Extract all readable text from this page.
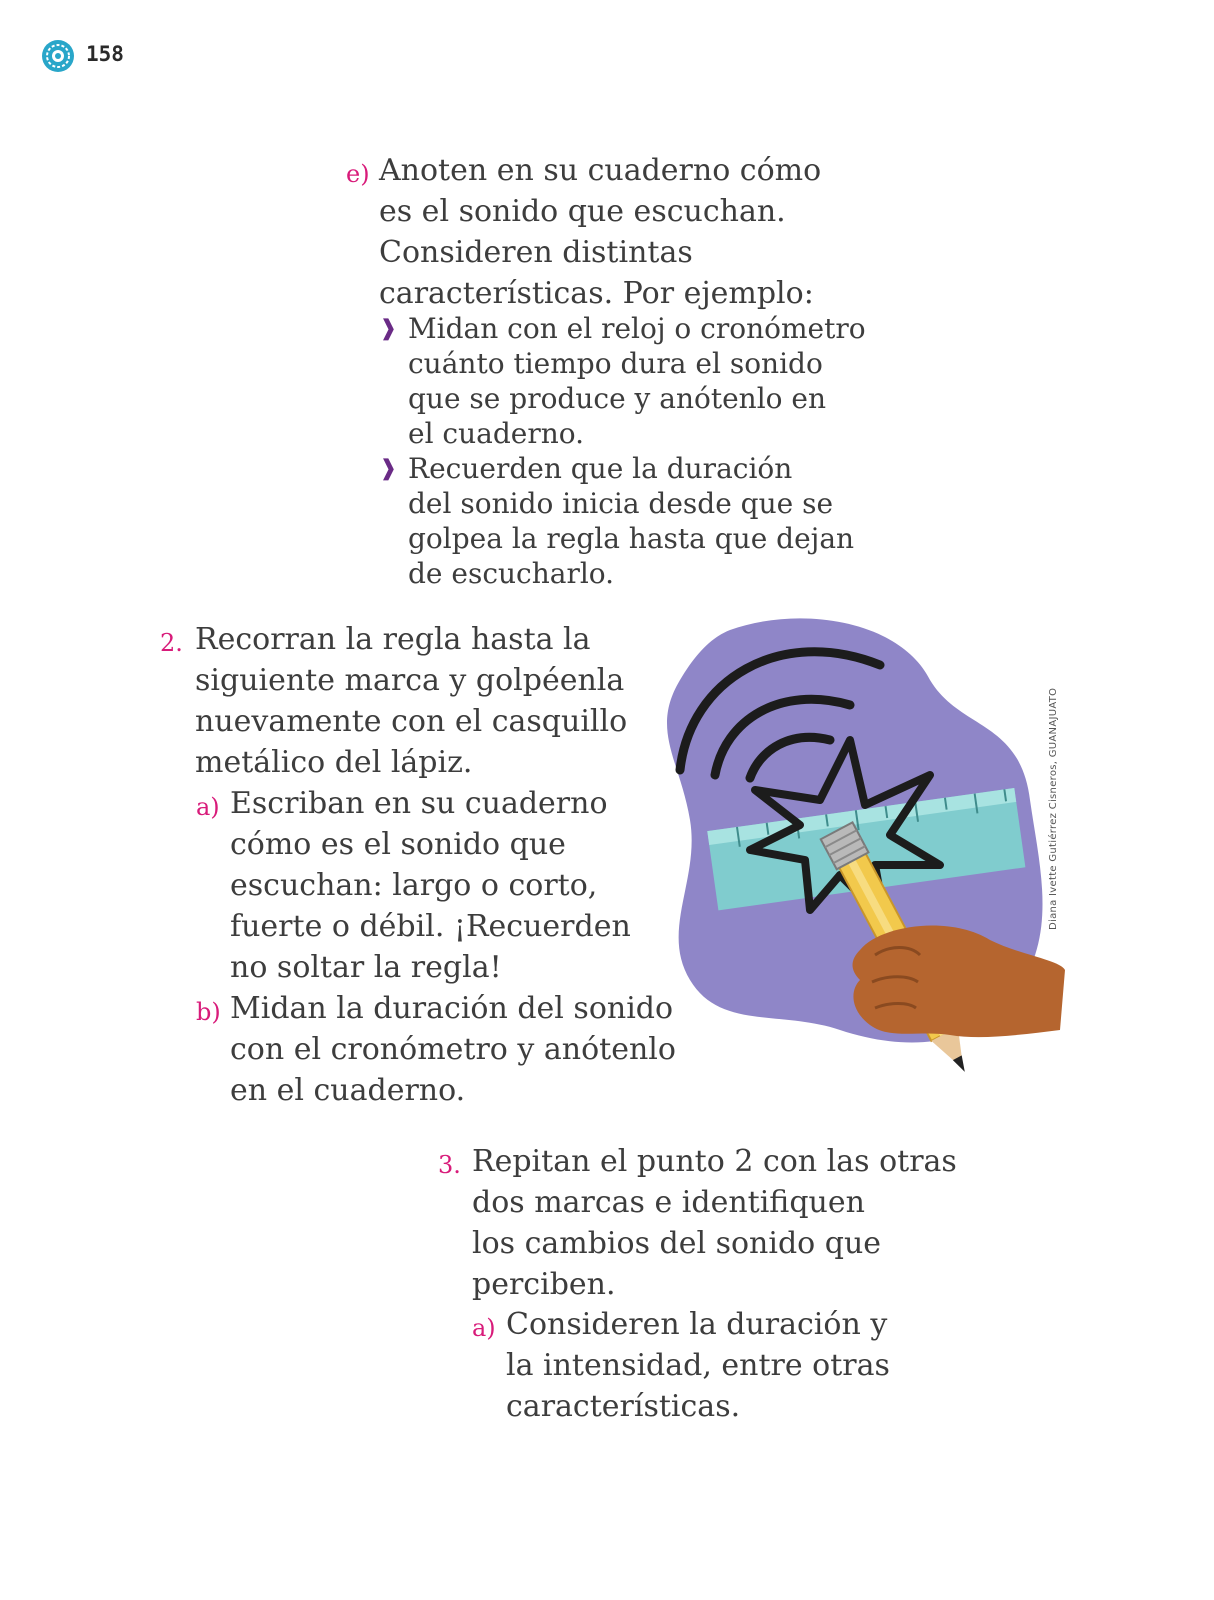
158
e) Anoten en su cuaderno cómo
es el sonido que escuchan.
Consideren distintas
características. Por ejemplo:
❱ Midan con el reloj o cronómetro
cuánto tiempo dura el sonido
que se produce y anótenlo en
el cuaderno.
❱ Recuerden que la duración
del sonido inicia desde que se
golpea la regla hasta que dejan
de escucharlo.
2. Recorran la regla hasta la
siguiente marca y golpéenla
nuevamente con el casquillo
metálico del lápiz.
a) Escriban en su cuaderno
cómo es el sonido que
escuchan: largo o corto,
fuerte o débil. ¡Recuerden
no soltar la regla!
b) Midan la duración del sonido
con el cronómetro y anótenlo
en el cuaderno.
Diana Ivette Gutiérrez Cisneros, GUANAJUATO
3. Repitan el punto 2 con las otras
dos marcas e identifiquen
los cambios del sonido que
perciben.
a) Consideren la duración y
la intensidad, entre otras
características.
